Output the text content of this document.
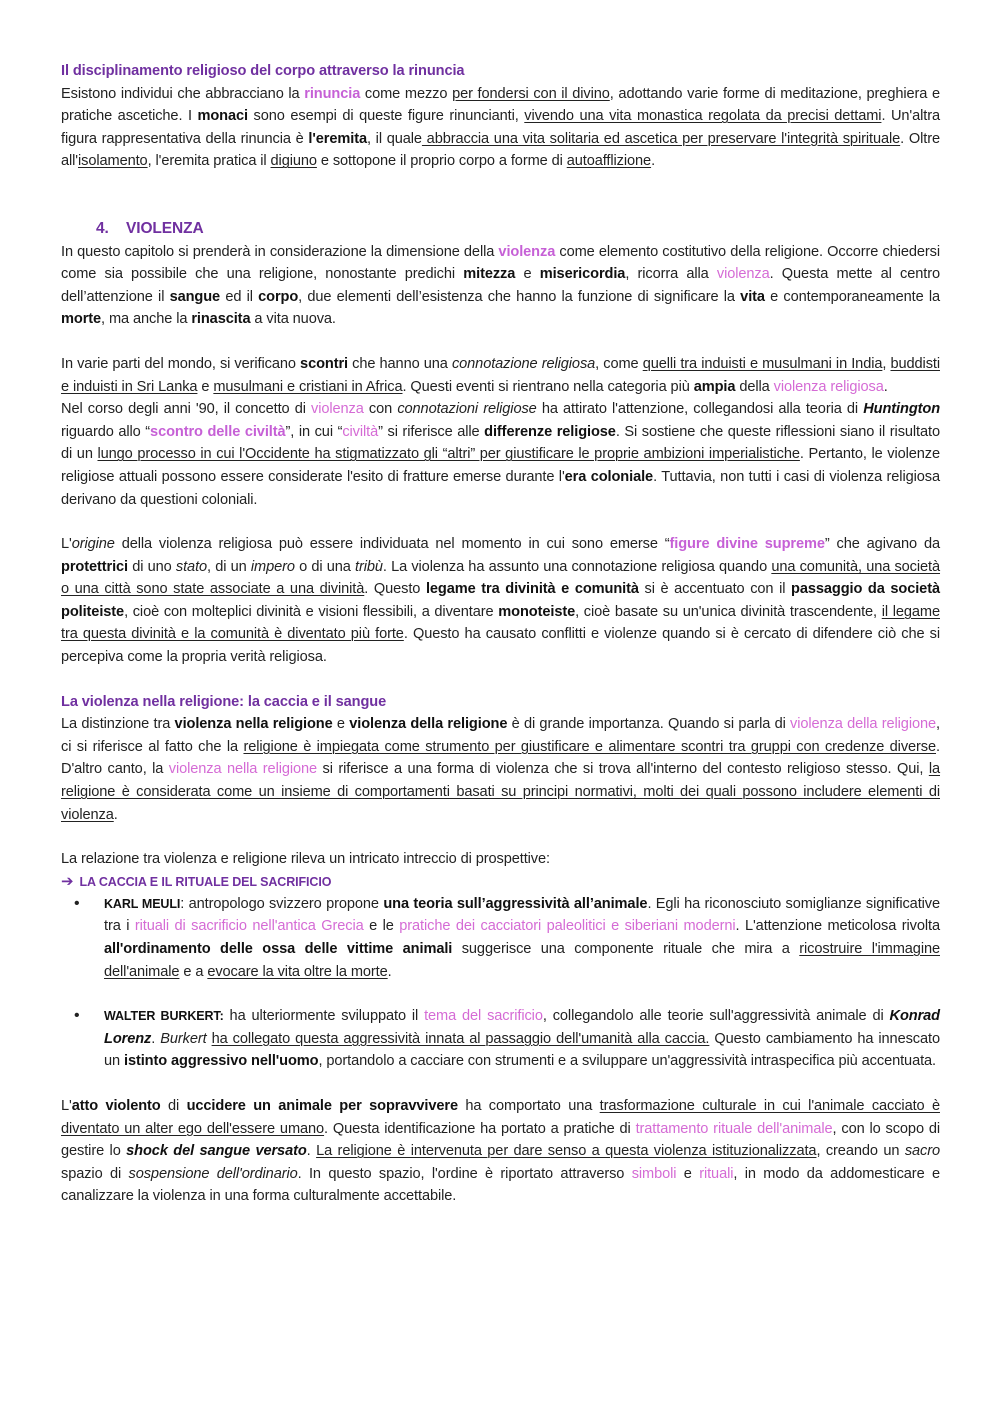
Il disciplinamento religioso del corpo attraverso la rinuncia

Esistono individui che abbracciano la rinuncia come mezzo per fondersi con il divino, adottando varie forme di meditazione, preghiera e pratiche ascetiche. I monaci sono esempi di queste figure rinuncianti, vivendo una vita monastica regolata da precisi dettami. Un'altra figura rappresentativa della rinuncia è l'eremita, il quale abbraccia una vita solitaria ed ascetica per preservare l'integrità spirituale. Oltre all'isolamento, l'eremita pratica il digiuno e sottopone il proprio corpo a forme di autoafflizione.

4. VIOLENZA

In questo capitolo si prenderà in considerazione la dimensione della violenza come elemento costitutivo della religione. Occorre chiedersi come sia possibile che una religione, nonostante predichi mitezza e misericordia, ricorra alla violenza. Questa mette al centro dell’attenzione il sangue ed il corpo, due elementi dell’esistenza che hanno la funzione di significare la vita e contemporaneamente la morte, ma anche la rinascita a vita nuova.

In varie parti del mondo, si verificano scontri che hanno una connotazione religiosa, come quelli tra induisti e musulmani in India, buddisti e induisti in Sri Lanka e musulmani e cristiani in Africa. Questi eventi si rientrano nella categoria più ampia della violenza religiosa.

Nel corso degli anni '90, il concetto di violenza con connotazioni religiose ha attirato l'attenzione, collegandosi alla teoria di Huntington riguardo allo “scontro delle civiltà”, in cui “civiltà” si riferisce alle differenze religiose. Si sostiene che queste riflessioni siano il risultato di un lungo processo in cui l'Occidente ha stigmatizzato gli “altri” per giustificare le proprie ambizioni imperialistiche. Pertanto, le violenze religiose attuali possono essere considerate l'esito di fratture emerse durante l'era coloniale. Tuttavia, non tutti i casi di violenza religiosa derivano da questioni coloniali.

L'origine della violenza religiosa può essere individuata nel momento in cui sono emerse “figure divine supreme” che agivano da protettrici di uno stato, di un impero o di una tribù. La violenza ha assunto una connotazione religiosa quando una comunità, una società o una città sono state associate a una divinità. Questo legame tra divinità e comunità si è accentuato con il passaggio da società politeiste, cioè con molteplici divinità e visioni flessibili, a diventare monoteiste, cioè basate su un'unica divinità trascendente, il legame tra questa divinità e la comunità è diventato più forte. Questo ha causato conflitti e violenze quando si è cercato di difendere ciò che si percepiva come la propria verità religiosa.

La violenza nella religione: la caccia e il sangue

La distinzione tra violenza nella religione e violenza della religione è di grande importanza. Quando si parla di violenza della religione, ci si riferisce al fatto che la religione è impiegata come strumento per giustificare e alimentare scontri tra gruppi con credenze diverse. D'altro canto, la violenza nella religione si riferisce a una forma di violenza che si trova all'interno del contesto religioso stesso. Qui, la religione è considerata come un insieme di comportamenti basati su principi normativi, molti dei quali possono includere elementi di violenza.

La relazione tra violenza e religione rileva un intricato intreccio di prospettive:

➔ LA CACCIA E IL RITUALE DEL SACRIFICIO

• KARL MEULI: antropologo svizzero propone una teoria sull’aggressività all’animale. Egli ha riconosciuto somiglianze significative tra i rituali di sacrificio nell'antica Grecia e le pratiche dei cacciatori paleolitici e siberiani moderni. L'attenzione meticolosa rivolta all'ordinamento delle ossa delle vittime animali suggerisce una componente rituale che mira a ricostruire l'immagine dell'animale e a evocare la vita oltre la morte.
• WALTER BURKERT: ha ulteriormente sviluppato il tema del sacrificio, collegandolo alle teorie sull'aggressività animale di Konrad Lorenz. Burkert ha collegato questa aggressività innata al passaggio dell'umanità alla caccia. Questo cambiamento ha innescato un istinto aggressivo nell'uomo, portandolo a cacciare con strumenti e a sviluppare un'aggressività intraspecifica più accentuata.

L'atto violento di uccidere un animale per sopravvivere ha comportato una trasformazione culturale in cui l'animale cacciato è diventato un alter ego dell'essere umano. Questa identificazione ha portato a pratiche di trattamento rituale dell'animale, con lo scopo di gestire lo shock del sangue versato. La religione è intervenuta per dare senso a questa violenza istituzionalizzata, creando un sacro spazio di sospensione dell'ordinario. In questo spazio, l'ordine è riportato attraverso simboli e rituali, in modo da addomesticare e canalizzare la violenza in una forma culturalmente accettabile.
